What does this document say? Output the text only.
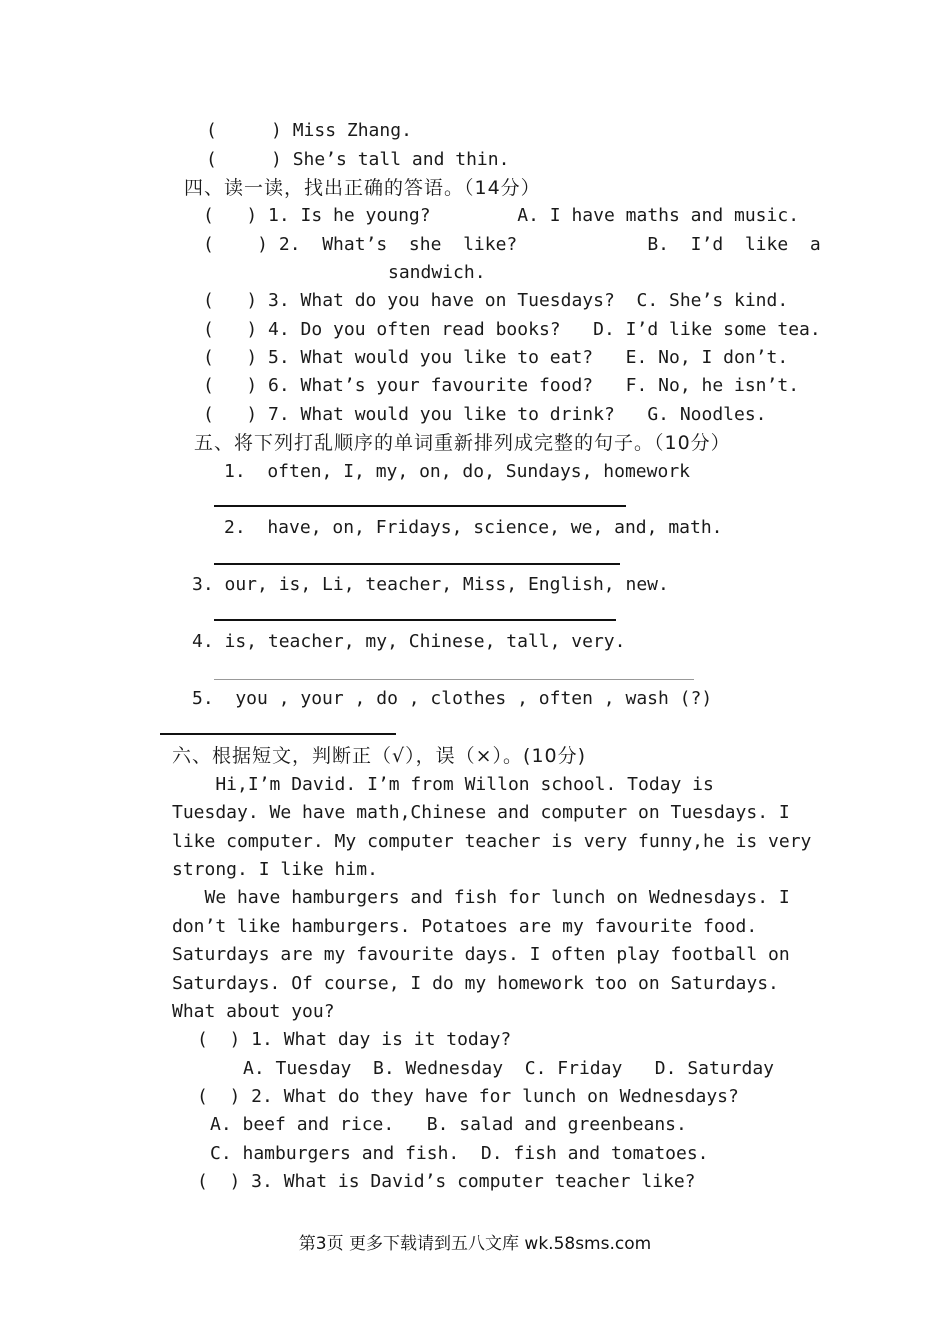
(     ) Miss Zhang.
(     ) She’s tall and thin.
四、读一读，找出正确的答语。（14分）
(   ) 1. Is he young?        A. I have maths and music.
(    ) 2.  What’s  she  like?            B.  I’d  like  a
sandwich.
(   ) 3. What do you have on Tuesdays?  C. She’s kind.
(   ) 4. Do you often read books?   D. I’d like some tea.
(   ) 5. What would you like to eat?   E. No, I don’t.
(   ) 6. What’s your favourite food?   F. No, he isn’t.
(   ) 7. What would you like to drink?   G. Noodles.
五、将下列打乱顺序的单词重新排列成完整的句子。（10分）
1.  often, I, my, on, do, Sundays, homework
2.  have, on, Fridays, science, we, and, math.
3. our, is, Li, teacher, Miss, English, new.
4. is, teacher, my, Chinese, tall, very.
5.  you , your , do , clothes , often , wash (?)
六、根据短文，判断正（√），误（×）。(10分)
Hi,I’m David. I’m from Willon school. Today is
Tuesday. We have math,Chinese and computer on Tuesdays. I
like computer. My computer teacher is very funny,he is very
strong. I like him.
We have hamburgers and fish for lunch on Wednesdays. I
don’t like hamburgers. Potatoes are my favourite food.
Saturdays are my favourite days. I often play football on
Saturdays. Of course, I do my homework too on Saturdays.
What about you?
(  ) 1. What day is it today?
A. Tuesday  B. Wednesday  C. Friday   D. Saturday
(  ) 2. What do they have for lunch on Wednesdays?
A. beef and rice.   B. salad and greenbeans.
C. hamburgers and fish.  D. fish and tomatoes.
(  ) 3. What is David’s computer teacher like?
第3页 更多下载请到五八文库 wk.58sms.com
